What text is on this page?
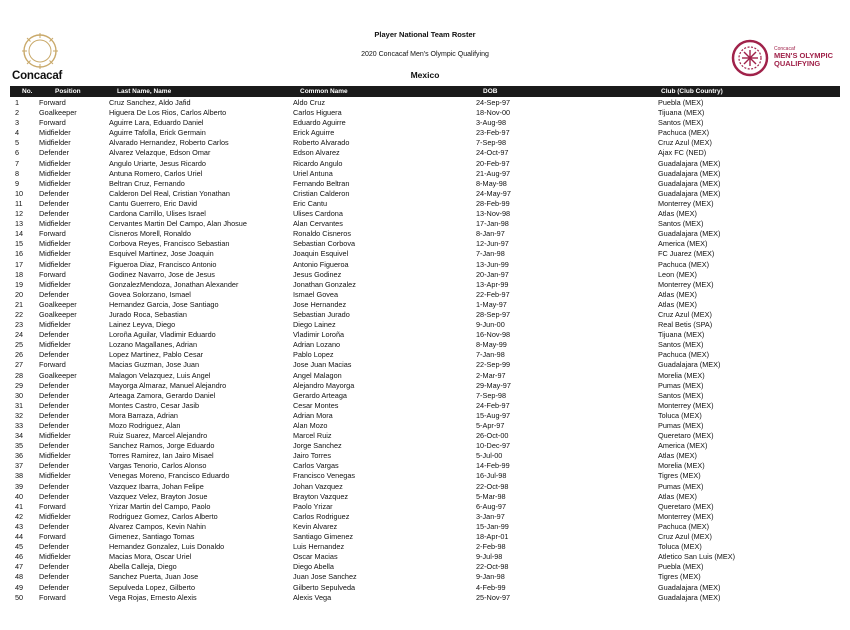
Concacaf
Player National Team Roster
2020 Concacaf Men's Olympic Qualifying
Mexico
Concacaf
MEN'S OLYMPIC
QUALIFYING
No.	Position	Last Name, Name	Common Name	DOB	Club (Club Country)
1	Forward	Cruz Sanchez, Aldo Jafid	Aldo Cruz	24-Sep-97	Puebla (MEX)
2	Goalkeeper	Higuera De Los Rios, Carlos Alberto	Carlos Higuera	18-Nov-00	Tijuana (MEX)
3	Forward	Aguirre Lara, Eduardo Daniel	Eduardo Aguirre	3-Aug-98	Santos (MEX)
4	Midfielder	Aguirre Tafolla, Erick Germain	Erick Aguirre	23-Feb-97	Pachuca (MEX)
5	Midfielder	Alvarado Hernandez, Roberto Carlos	Roberto Alvarado	7-Sep-98	Cruz Azul (MEX)
6	Defender	Alvarez Velazque, Edson Omar	Edson Alvarez	24-Oct-97	Ajax FC (NED)
7	Midfielder	Angulo Uriarte, Jesus Ricardo	Ricardo Angulo	20-Feb-97	Guadalajara (MEX)
8	Midfielder	Antuna Romero, Carlos Uriel	Uriel Antuna	21-Aug-97	Guadalajara (MEX)
9	Midfielder	Beltran Cruz, Fernando	Fernando Beltran	8-May-98	Guadalajara (MEX)
10 Defender	Calderon Del Real, Cristian Yonathan	Cristian Calderon	24-May-97	Guadalajara (MEX)
11 Defender	Cantu Guerrero, Eric David	Eric Cantu	28-Feb-99	Monterrey (MEX)
12 Defender	Cardona Carrillo, Ulises Israel	Ulises Cardona	13-Nov-98	Atlas (MEX)
13 Midfielder	Cervantes Martin Del Campo, Alan Jhosue	Alan Cervantes	17-Jan-98	Santos (MEX)
14 Forward	Cisneros Morell, Ronaldo	Ronaldo Cisneros	8-Jan-97	Guadalajara (MEX)
15 Midfielder	Corbova Reyes, Francisco Sebastian	Sebastian Corbova	12-Jun-97	America (MEX)
16 Midfielder	Esquivel Martinez, Jose Joaquin	Joaquin Esquivel	7-Jan-98	FC Juarez (MEX)
17 Midfielder	Figueroa Diaz, Francisco Antonio	Antonio Figueroa	13-Jun-99	Pachuca (MEX)
18 Forward	Godinez Navarro, Jose de Jesus	Jesus Godinez	20-Jan-97	Leon (MEX)
19 Midfielder	GonzalezMendoza, Jonathan Alexander	Jonathan Gonzalez	13-Apr-99	Monterrey (MEX)
20 Defender	Govea Solorzano, Ismael	Ismael Govea	22-Feb-97	Atlas (MEX)
21 Goalkeeper	Hernandez Garcia, Jose Santiago	Jose Hernandez	1-May-97	Atlas (MEX)
22 Goalkeeper	Jurado Roca, Sebastian	Sebastian Jurado	28-Sep-97	Cruz Azul (MEX)
23 Midfielder	Lainez Leyva, Diego	Diego Lainez	9-Jun-00	Real Betis (SPA)
24 Defender	Loroña Aguilar, Vladimir Eduardo	Vladimir Loroña	16-Nov-98	Tijuana (MEX)
25 Midfielder	Lozano Magallanes, Adrian	Adrian Lozano	8-May-99	Santos (MEX)
26 Defender	Lopez Martinez, Pablo Cesar	Pablo Lopez	7-Jan-98	Pachuca (MEX)
27 Forward	Macias Guzman, Jose Juan	Jose Juan Macias	22-Sep-99	Guadalajara (MEX)
28 Goalkeeper	Malagon Velazquez, Luis Angel	Angel Malagon	2-Mar-97	Morelia (MEX)
29 Defender	Mayorga Almaraz, Manuel Alejandro	Alejandro Mayorga	29-May-97	Pumas (MEX)
30 Defender	Arteaga Zamora, Gerardo Daniel	Gerardo Arteaga	7-Sep-98	Santos (MEX)
31 Defender	Montes Castro, Cesar Jasib	Cesar Montes	24-Feb-97	Monterrey (MEX)
32 Defender	Mora Barraza, Adrian	Adrian Mora	15-Aug-97	Toluca (MEX)
33 Defender	Mozo Rodriguez, Alan	Alan Mozo	5-Apr-97	Pumas (MEX)
34 Midfielder	Ruiz Suarez, Marcel Alejandro	Marcel Ruiz	26-Oct-00	Queretaro (MEX)
35 Defender	Sanchez Ramos, Jorge Eduardo	Jorge Sanchez	10-Dec-97	America (MEX)
36 Midfielder	Torres Ramirez, Ian Jairo Misael	Jairo Torres	5-Jul-00	Atlas (MEX)
37 Defender	Vargas Tenorio, Carlos Alonso	Carlos Vargas	14-Feb-99	Morelia (MEX)
38 Midfielder	Venegas Moreno, Francisco Eduardo	Francisco Venegas	16-Jul-98	Tigres (MEX)
39 Defender	Vazquez Ibarra, Johan Felipe	Johan Vazquez	22-Oct-98	Pumas (MEX)
40 Defender	Vazquez Velez, Brayton Josue	Brayton Vazquez	5-Mar-98	Atlas (MEX)
41 Forward	Yrizar Martin del Campo, Paolo	Paolo Yrizar	6-Aug-97	Queretaro (MEX)
42 Midfielder	Rodriguez Gomez, Carlos Alberto	Carlos Rodriguez	3-Jan-97	Monterrey (MEX)
43 Defender	Alvarez Campos, Kevin Nahin	Kevin Alvarez	15-Jan-99	Pachuca (MEX)
44 Forward	Gimenez, Santiago Tomas	Santiago Gimenez	18-Apr-01	Cruz Azul (MEX)
45 Defender	Hernandez Gonzalez, Luis Donaldo	Luis Hernandez	2-Feb-98	Toluca (MEX)
46 Midfielder	Macias Mora, Oscar Uriel	Oscar Macias	9-Jul-98	Atletico San Luis (MEX)
47 Defender	Abella Calleja, Diego	Diego Abella	22-Oct-98	Puebla (MEX)
48 Defender	Sanchez Puerta, Juan Jose	Juan Jose Sanchez	9-Jan-98	Tigres (MEX)
49 Defender	Sepulveda Lopez, Gilberto	Gilberto Sepulveda	4-Feb-99	Guadalajara (MEX)
50 Forward	Vega Rojas, Ernesto Alexis	Alexis Vega	25-Nov-97	Guadalajara (MEX)
